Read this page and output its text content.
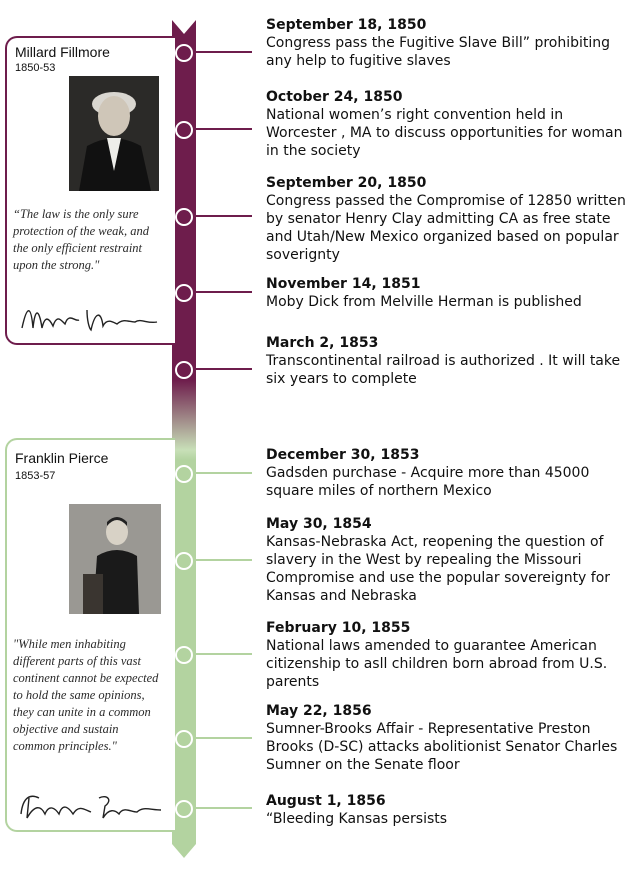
Millard Fillmore
1850-53
“The law is the only sure protection of the weak, and the only efficient restraint upon the strong."
Franklin Pierce
1853-57
"While men inhabiting different parts of this vast continent cannot be expected to hold the same opinions, they can unite in a common objective and sustain common principles."
September 18, 1850
Congress pass the Fugitive Slave Bill” prohibiting any help to fugitive slaves
October 24, 1850
National women’s right convention held in Worcester , MA to discuss opportunities for woman in the society
September 20, 1850
Congress passed the Compromise of 12850 written by senator Henry Clay admitting CA as free state and Utah/New Mexico organized based on popular soverignty
November 14, 1851
Moby Dick from Melville Herman is published
March 2, 1853
Transcontinental railroad is authorized . It will take six years to complete
December 30, 1853
Gadsden purchase - Acquire more than 45000 square miles of northern Mexico
May 30, 1854
Kansas-Nebraska Act, reopening the question of slavery in the West by repealing the Missouri Compromise and use the popular sovereignty for Kansas and Nebraska
February 10, 1855
National laws amended to guarantee American citizenship to asll children born abroad from U.S. parents
May 22, 1856
Sumner-Brooks Affair - Representative Preston Brooks (D-SC) attacks abolitionist Senator Charles Sumner on the Senate floor
August 1, 1856
“Bleeding Kansas persists
